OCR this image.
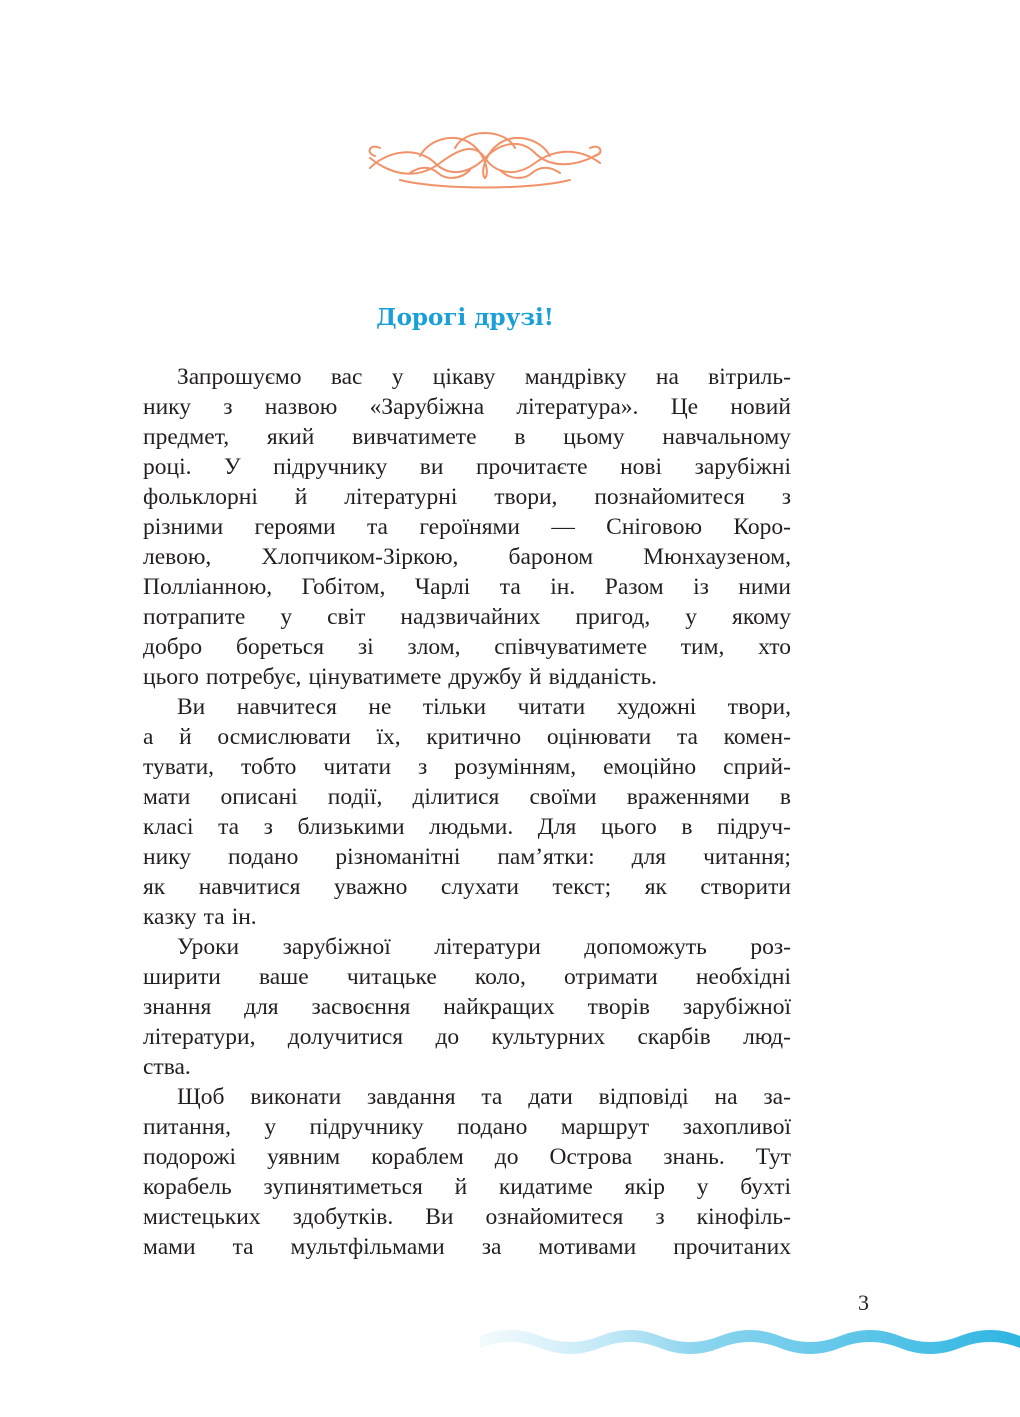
Дорогі друзі!
Запрошуємо вас у цікаву мандрівку на вітриль-
нику з назвою «Зарубіжна література». Це новий
предмет, який вивчатимете в цьому навчальному
році. У підручнику ви прочитаєте нові зарубіжні
фольклорні й літературні твори, познайомитеся з
різними героями та героїнями — Сніговою Коро-
левою, Хлопчиком-Зіркою, бароном Мюнхаузеном,
Полліанною, Гобітом, Чарлі та ін. Разом із ними
потрапите у світ надзвичайних пригод, у якому
добро бореться зі злом, співчуватимете тим, хто
цього потребує, цінуватимете дружбу й відданість.
Ви навчитеся не тільки читати художні твори,
а й осмислювати їх, критично оцінювати та комен-
тувати, тобто читати з розумінням, емоційно сприй-
мати описані події, ділитися своїми враженнями в
класі та з близькими людьми. Для цього в підруч-
нику подано різноманітні пам’ятки: для читання;
як навчитися уважно слухати текст; як створити
казку та ін.
Уроки зарубіжної літератури допоможуть роз-
ширити ваше читацьке коло, отримати необхідні
знання для засвоєння найкращих творів зарубіжної
літератури, долучитися до культурних скарбів люд-
ства.
Щоб виконати завдання та дати відповіді на за-
питання, у підручнику подано маршрут захопливої
подорожі уявним кораблем до Острова знань. Тут
корабель зупинятиметься й кидатиме якір у бухті
мистецьких здобутків. Ви ознайомитеся з кінофіль-
мами та мультфільмами за мотивами прочитаних
3
